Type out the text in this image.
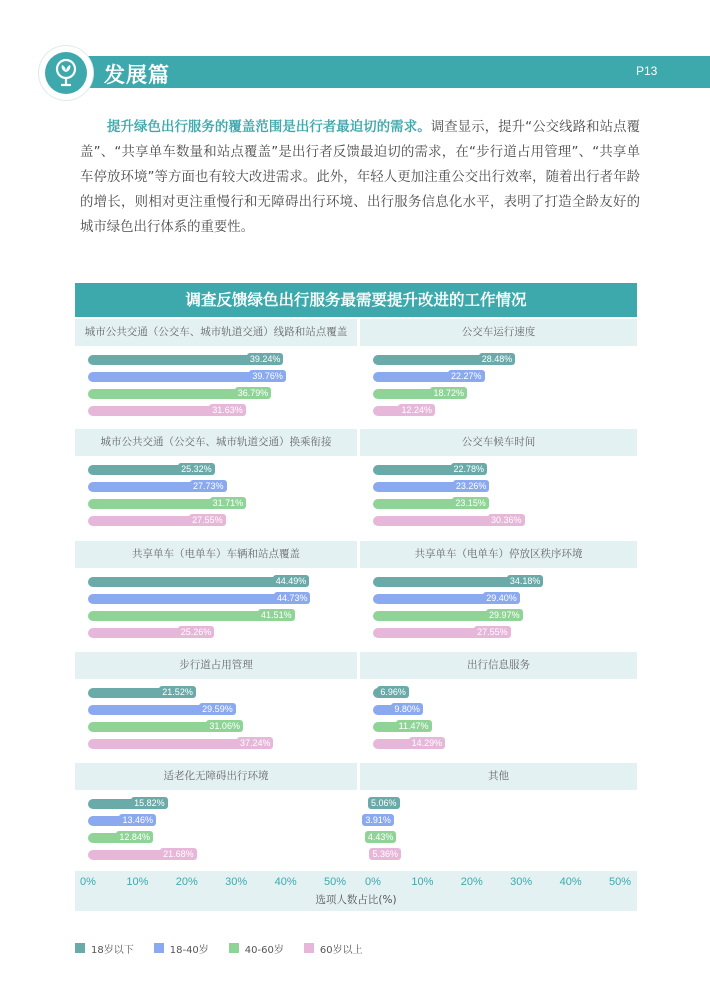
发展篇	P13
提升绿色出行服务的覆盖范围是出行者最迫切的需求。调查显示，提升“公交线路和站点覆盖”、“共享单车数量和站点覆盖”是出行者反馈最迫切的需求，在“步行道占用管理”、“共享单车停放环境”等方面也有较大改进需求。此外，年轻人更加注重公交出行效率，随着出行者年龄的增长，则相对更注重慢行和无障碍出行环境、出行服务信息化水平，表明了打造全龄友好的城市绿色出行体系的重要性。
调查反馈绿色出行服务最需要提升改进的工作情况
城市公共交通（公交车、城市轨道交通）线路和站点覆盖
39.24%
39.76%
36.79%
31.63%
公交车运行速度
28.48%
22.27%
18.72%
12.24%
城市公共交通（公交车、城市轨道交通）换乘衔接
25.32%
27.73%
31.71%
27.55%
公交车候车时间
22.78%
23.26%
23.15%
30.36%
共享单车（电单车）车辆和站点覆盖
44.49%
44.73%
41.51%
25.26%
共享单车（电单车）停放区秩序环境
34.18%
29.40%
29.97%
27.55%
步行道占用管理
21.52%
29.59%
31.06%
37.24%
出行信息服务
6.96%
9.80%
11.47%
14.29%
适老化无障碍出行环境
15.82%
13.46%
12.84%
21.68%
其他
5.06%
3.91%
4.43%
5.36%
0%	10% 20% 30% 40% 50% 0%	10% 20% 30% 40% 50%
选项人数占比(%)
18岁以下	18-40岁	40-60岁	60岁以上
